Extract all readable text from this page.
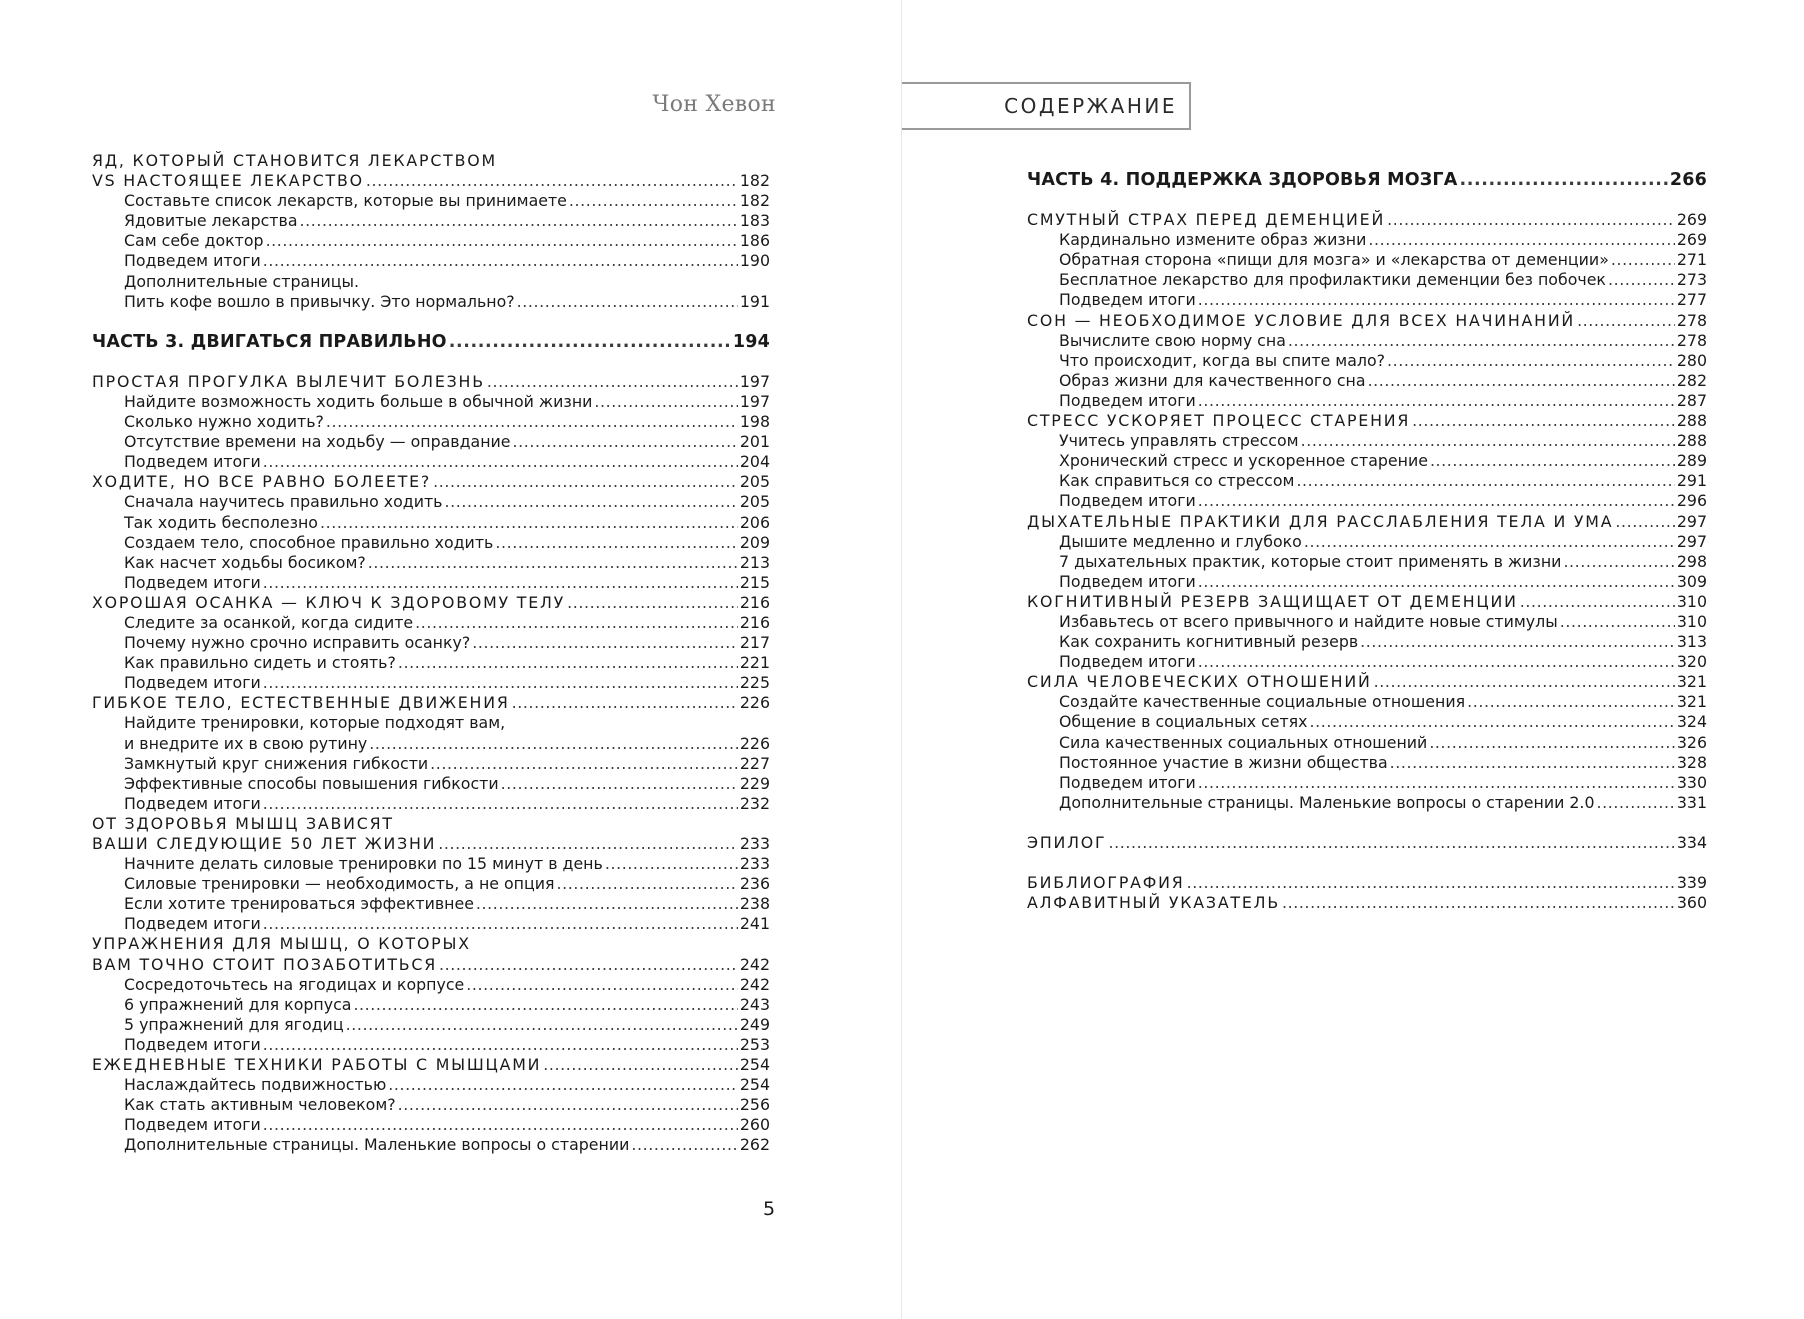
Чон Хевон
ЯД, КОТОРЫЙ СТАНОВИТСЯ ЛЕКАРСТВОМ
VS НАСТОЯЩЕЕ ЛЕКАРСТВО .....	182
Составьте список лекарств, которые вы принимаете .....	182
Ядовитые лекарства .....	183
Сам себе доктор .....	186
Подведем итоги .....	190
Дополнительные страницы.
Пить кофе вошло в привычку. Это нормально? .....	191
ЧАСТЬ 3. ДВИГАТЬСЯ ПРАВИЛЬНО .....	194
ПРОСТАЯ ПРОГУЛКА ВЫЛЕЧИТ БОЛЕЗНЬ .....	197
Найдите возможность ходить больше в обычной жизни .....	197
Сколько нужно ходить? .....	198
Отсутствие времени на ходьбу — оправдание .....	201
Подведем итоги .....	204
ХОДИТЕ, НО ВСЕ РАВНО БОЛЕЕТЕ? .....	205
Сначала научитесь правильно ходить .....	205
Так ходить бесполезно .....	206
Создаем тело, способное правильно ходить .....	209
Как насчет ходьбы босиком? .....	213
Подведем итоги .....	215
ХОРОШАЯ ОСАНКА — КЛЮЧ К ЗДОРОВОМУ ТЕЛУ .....	216
Следите за осанкой, когда сидите .....	216
Почему нужно срочно исправить осанку? .....	217
Как правильно сидеть и стоять? .....	221
Подведем итоги .....	225
ГИБКОЕ ТЕЛО, ЕСТЕСТВЕННЫЕ ДВИЖЕНИЯ .....	226
Найдите тренировки, которые подходят вам,
и внедрите их в свою рутину .....	226
Замкнутый круг снижения гибкости .....	227
Эффективные способы повышения гибкости .....	229
Подведем итоги .....	232
ОТ ЗДОРОВЬЯ МЫШЦ ЗАВИСЯТ
ВАШИ СЛЕДУЮЩИЕ 50 ЛЕТ ЖИЗНИ .....	233
Начните делать силовые тренировки по 15 минут в день .....	233
Силовые тренировки — необходимость, а не опция .....	236
Если хотите тренироваться эффективнее .....	238
Подведем итоги .....	241
УПРАЖНЕНИЯ ДЛЯ МЫШЦ, О КОТОРЫХ
ВАМ ТОЧНО СТОИТ ПОЗАБОТИТЬСЯ .....	242
Сосредоточьтесь на ягодицах и корпусе .....	242
6 упражнений для корпуса .....	243
5 упражнений для ягодиц .....	249
Подведем итоги .....	253
ЕЖЕДНЕВНЫЕ ТЕХНИКИ РАБОТЫ С МЫШЦАМИ .....	254
Наслаждайтесь подвижностью .....	254
Как стать активным человеком? .....	256
Подведем итоги .....	260
Дополнительные страницы. Маленькие вопросы о старении .....	262
5
СОДЕРЖАНИЕ
ЧАСТЬ 4. ПОДДЕРЖКА ЗДОРОВЬЯ МОЗГА .....	266
СМУТНЫЙ СТРАХ ПЕРЕД ДЕМЕНЦИЕЙ .....	269
Кардинально измените образ жизни .....	269
Обратная сторона «пищи для мозга» и «лекарства от деменции» .....	271
Бесплатное лекарство для профилактики деменции без побочек .....	273
Подведем итоги .....	277
СОН — НЕОБХОДИМОЕ УСЛОВИЕ ДЛЯ ВСЕХ НАЧИНАНИЙ .....	278
Вычислите свою норму сна .....	278
Что происходит, когда вы спите мало? .....	280
Образ жизни для качественного сна .....	282
Подведем итоги .....	287
СТРЕСС УСКОРЯЕТ ПРОЦЕСС СТАРЕНИЯ .....	288
Учитесь управлять стрессом .....	288
Хронический стресс и ускоренное старение .....	289
Как справиться со стрессом .....	291
Подведем итоги .....	296
ДЫХАТЕЛЬНЫЕ ПРАКТИКИ ДЛЯ РАССЛАБЛЕНИЯ ТЕЛА И УМА .....	297
Дышите медленно и глубоко .....	297
7 дыхательных практик, которые стоит применять в жизни .....	298
Подведем итоги .....	309
КОГНИТИВНЫЙ РЕЗЕРВ ЗАЩИЩАЕТ ОТ ДЕМЕНЦИИ .....	310
Избавьтесь от всего привычного и найдите новые стимулы .....	310
Как сохранить когнитивный резерв .....	313
Подведем итоги .....	320
СИЛА ЧЕЛОВЕЧЕСКИХ ОТНОШЕНИЙ .....	321
Создайте качественные социальные отношения .....	321
Общение в социальных сетях .....	324
Сила качественных социальных отношений .....	326
Постоянное участие в жизни общества .....	328
Подведем итоги .....	330
Дополнительные страницы. Маленькие вопросы о старении 2.0 .....	331
ЭПИЛОГ .....	334
БИБЛИОГРАФИЯ .....	339
АЛФАВИТНЫЙ УКАЗАТЕЛЬ .....	360
